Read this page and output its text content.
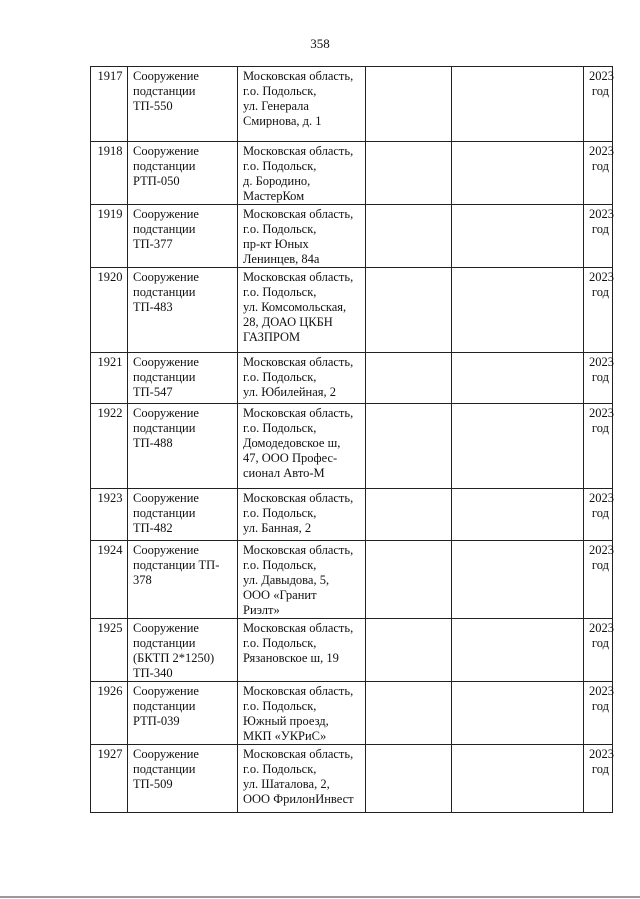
358
1917	Сооружение
подстанции
ТП-550	Московская область,
г.о. Подольск,
ул. Генерала
Смирнова, д. 1			2023
год
1918	Сооружение
подстанции
РТП-050	Московская область,
г.о. Подольск,
д. Бородино,
МастерКом			2023
год
1919	Сооружение
подстанции
ТП-377	Московская область,
г.о. Подольск,
пр-кт Юных
Ленинцев, 84а			2023
год
1920	Сооружение
подстанции
ТП-483	Московская область,
г.о. Подольск,
ул. Комсомольская,
28, ДОАО ЦКБН
ГАЗПРОМ			2023
год
1921	Сооружение
подстанции
ТП-547	Московская область,
г.о. Подольск,
ул. Юбилейная, 2			2023
год
1922	Сооружение
подстанции
ТП-488	Московская область,
г.о. Подольск,
Домодедовское ш,
47, ООО Профес-
сионал Авто-М			2023
год
1923	Сооружение
подстанции
ТП-482	Московская область,
г.о. Подольск,
ул. Банная, 2			2023
год
1924	Сооружение
подстанции ТП-
378	Московская область,
г.о. Подольск,
ул. Давыдова, 5,
ООО «Гранит
Риэлт»			2023
год
1925	Сооружение
подстанции
(БКТП 2*1250)
ТП-340	Московская область,
г.о. Подольск,
Рязановское ш, 19			2023
год
1926	Сооружение
подстанции
РТП-039	Московская область,
г.о. Подольск,
Южный проезд,
МКП «УКРиС»			2023
год
1927	Сооружение
подстанции
ТП-509	Московская область,
г.о. Подольск,
ул. Шаталова, 2,
ООО ФрилонИнвест			2023
год
